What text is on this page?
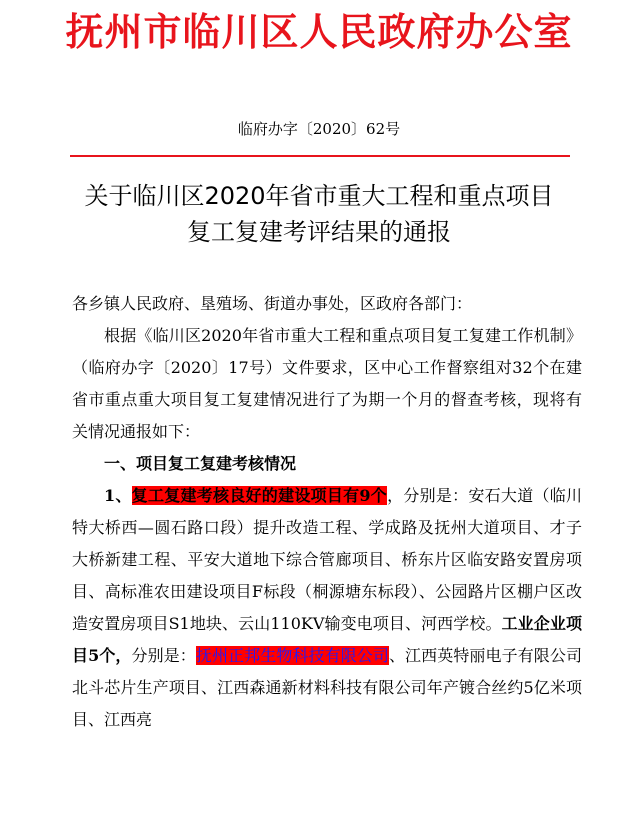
抚州市临川区人民政府办公室
临府办字〔2020〕62号
关于临川区2020年省市重大工程和重点项目
复工复建考评结果的通报

各乡镇人民政府、垦殖场、街道办事处，区政府各部门：

根据《临川区2020年省市重大工程和重点项目复工复建工作机制》（临府办字〔2020〕17号）文件要求，区中心工作督察组对32个在建省市重点重大项目复工复建情况进行了为期一个月的督查考核，现将有关情况通报如下：

一、项目复工复建考核情况

1、复工复建考核良好的建设项目有9个，分别是：安石大道（临川特大桥西—圆石路口段）提升改造工程、学成路及抚州大道项目、才子大桥新建工程、平安大道地下综合管廊项目、桥东片区临安路安置房项目、高标准农田建设项目F标段（桐源塘东标段）、公园路片区棚户区改造安置房项目S1地块、云山110KV输变电项目、河西学校。工业企业项目5个，分别是：抚州正邦生物科技有限公司、江西英特丽电子有限公司北斗芯片生产项目、江西森通新材料科技有限公司年产镀合丝约5亿米项目、江西亮
